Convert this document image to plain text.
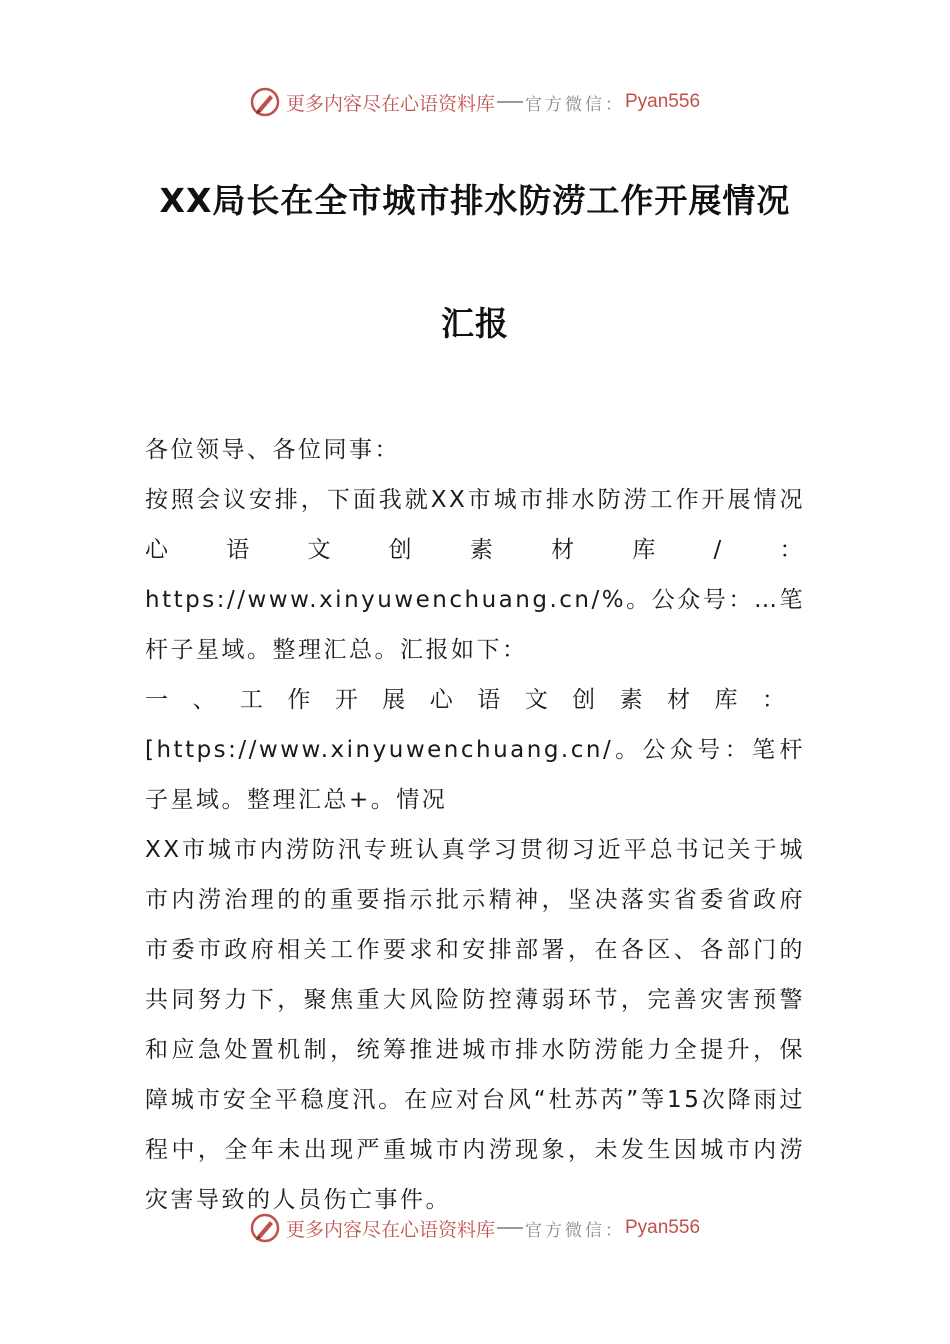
更多内容尽在心语资料库 官方微信： Pyan556
XX局长在全市城市排水防涝工作开展情况
汇报

各位领导、各位同事：

按照会议安排，下面我就XX市城市排水防涝工作开展情况心语文创素材库/：https://www.xinyuwenchuang.cn/%。公众号：…笔杆子星域。整理汇总。汇报如下：

一、工作开展心语文创素材库：[https://www.xinyuwenchuang.cn/。公众号：笔杆子星域。整理汇总+。情况

XX市城市内涝防汛专班认真学习贯彻习近平总书记关于城市内涝治理的的重要指示批示精神，坚决落实省委省政府市委市政府相关工作要求和安排部署，在各区、各部门的共同努力下，聚焦重大风险防控薄弱环节，完善灾害预警和应急处置机制，统筹推进城市排水防涝能力全提升，保障城市安全平稳度汛。在应对台风“杜苏芮”等15次降雨过程中，全年未出现严重城市内涝现象，未发生因城市内涝灾害导致的人员伤亡事件。

更多内容尽在心语资料库 官方微信： Pyan556
